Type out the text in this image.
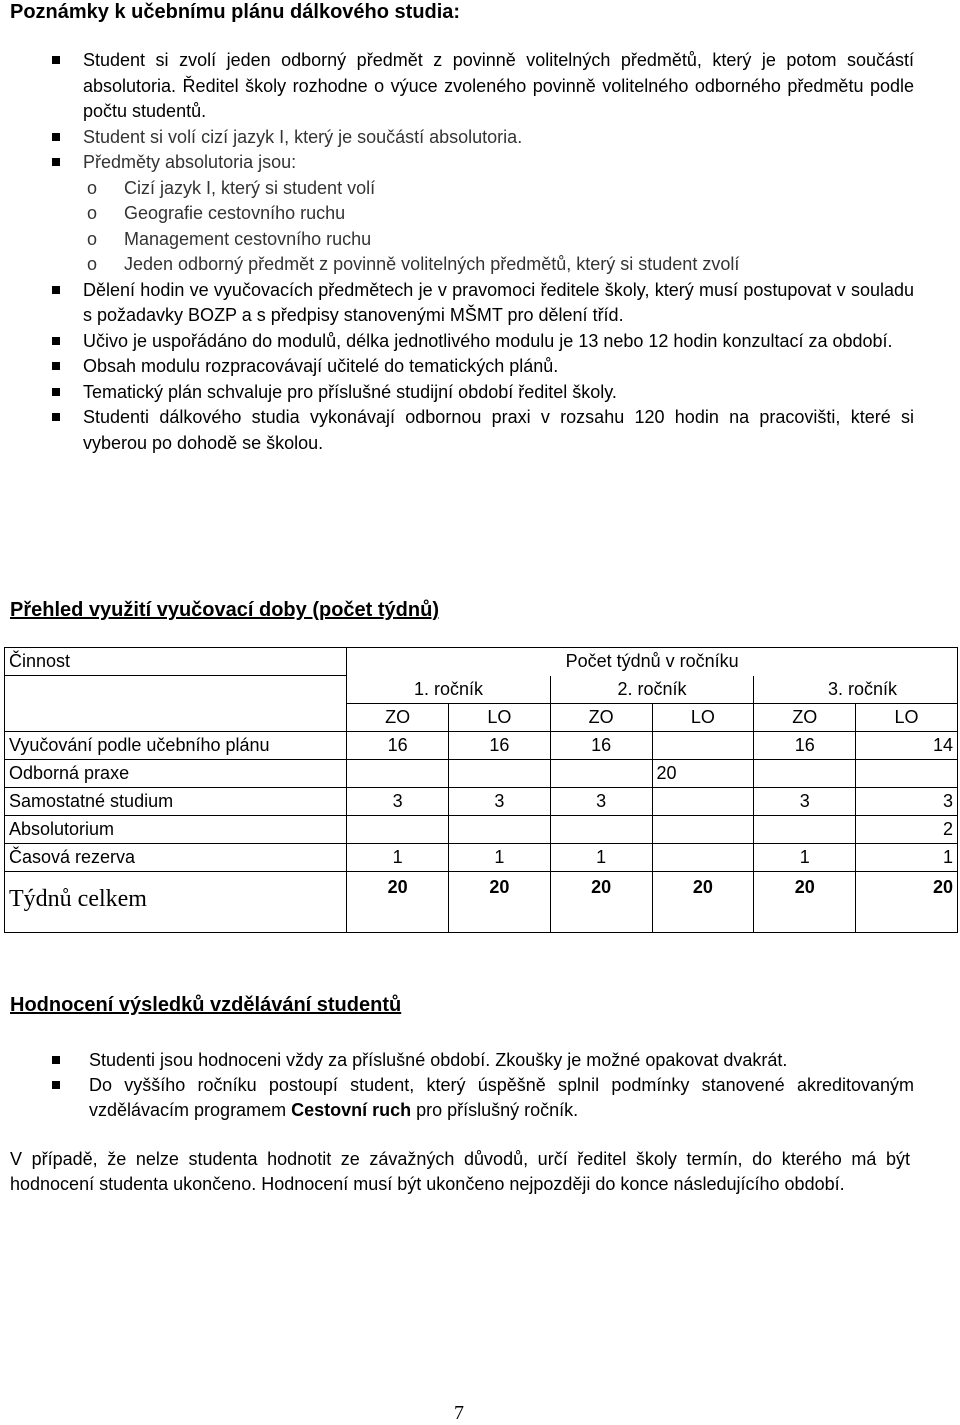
Poznámky k učebnímu plánu dálkového studia:
Student si zvolí jeden odborný předmět z povinně volitelných předmětů, který je potom součástí absolutoria. Ředitel školy rozhodne o výuce zvoleného povinně volitelného odborného předmětu podle počtu studentů.
Student si volí cizí jazyk I, který je součástí absolutoria.
Předměty absolutoria jsou:
o Cizí jazyk I, který si student volí
o Geografie cestovního ruchu
o Management cestovního ruchu
o Jeden odborný předmět z povinně volitelných předmětů, který si student zvolí
Dělení hodin ve vyučovacích předmětech je v pravomoci ředitele školy, který musí postupovat v souladu s požadavky BOZP a s předpisy stanovenými MŠMT pro dělení tříd.
Učivo je uspořádáno do modulů, délka jednotlivého modulu je 13 nebo 12 hodin konzultací za období.
Obsah modulu rozpracovávají učitelé do tematických plánů.
Tematický plán schvaluje pro příslušné studijní období ředitel školy.
Studenti dálkového studia vykonávají odbornou praxi v rozsahu 120 hodin na pracovišti, které si vyberou po dohodě se školou.
Přehled využití vyučovací doby (počet týdnů)
Činnost	Počet týdnů v ročníku					
	1. ročník		2. ročník		3. ročník	
	ZO	LO	ZO	LO	ZO	LO
Vyučování podle učebního plánu	16	16	16		16	14
Odborná praxe				20		
Samostatné studium	3	3	3		3	3
Absolutorium						2
Časová rezerva	1	1	1		1	1
Týdnů celkem	20	20	20	20	20	20
Hodnocení výsledků vzdělávání studentů
Studenti jsou hodnoceni vždy za příslušné období. Zkoušky je možné opakovat dvakrát.
Do vyššího ročníku postoupí student, který úspěšně splnil podmínky stanovené akreditovaným vzdělávacím programem Cestovní ruch pro příslušný ročník.

V případě, že nelze studenta hodnotit ze závažných důvodů, určí ředitel školy termín, do kterého má být hodnocení studenta ukončeno. Hodnocení musí být ukončeno nejpozději do konce následujícího období.

7
